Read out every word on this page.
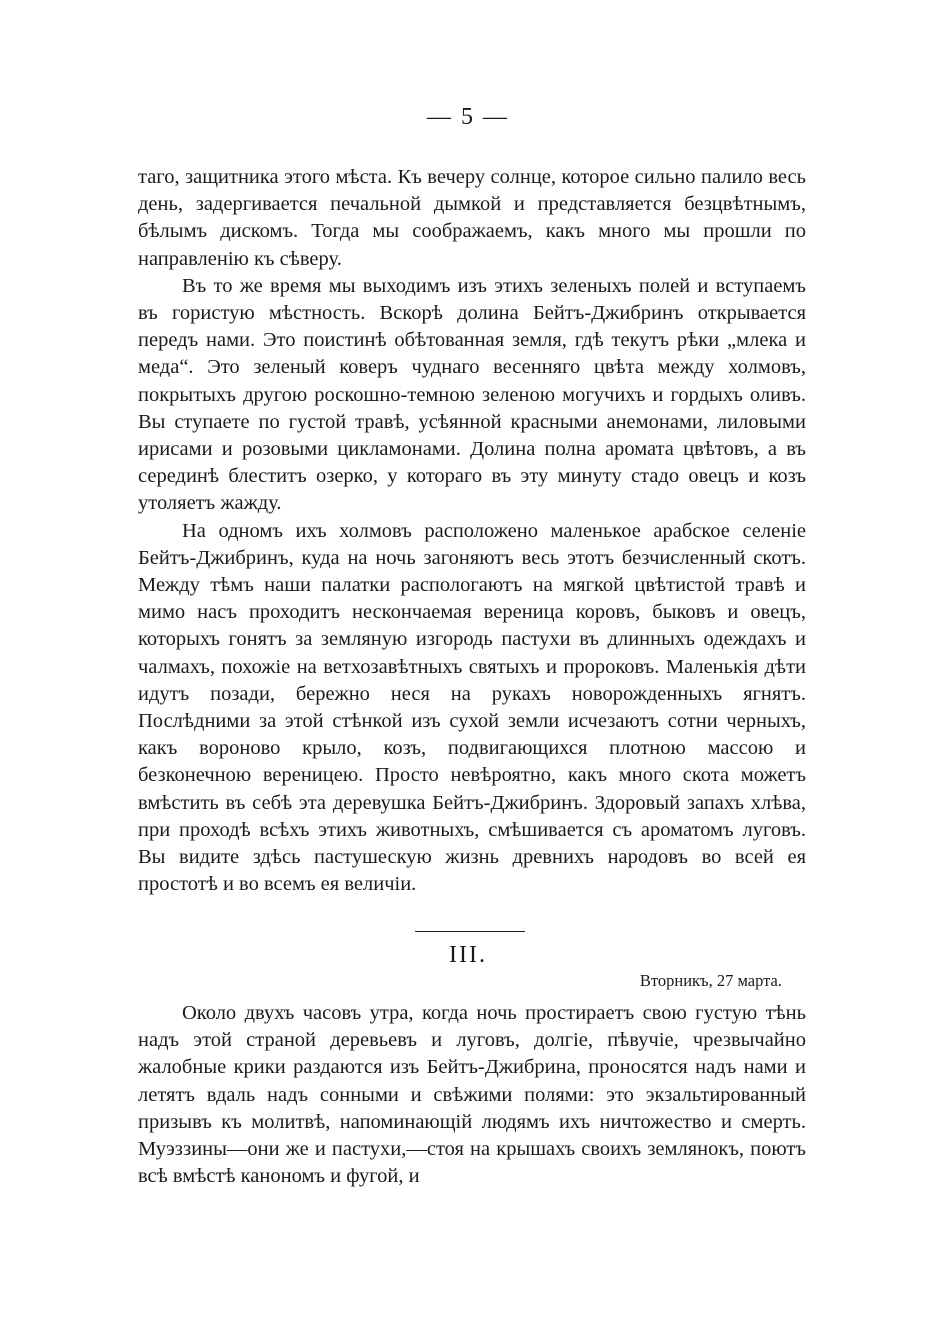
— 5 —

таго, защитника этого мѣста. Къ вечеру солнце, которое сильно палило весь день, задергивается печальной дымкой и представляется безцвѣтнымъ, бѣлымъ дискомъ. Тогда мы соображаемъ, какъ много мы прошли по направленію къ сѣверу.

Въ то же время мы выходимъ изъ этихъ зеленыхъ полей и вступаемъ въ гористую мѣстность. Вскорѣ долина Бейтъ-Джибринъ открывается передъ нами. Это поистинѣ обѣтованная земля, гдѣ текутъ рѣки „млека и меда“. Это зеленый коверъ чуднаго весенняго цвѣта между холмовъ, покрытыхъ другою роскошно-темною зеленою могучихъ и гордыхъ оливъ. Вы ступаете по густой травѣ, усѣянной красными анемонами, лиловыми ирисами и розовыми цикламонами. Долина полна аромата цвѣтовъ, а въ серединѣ блеститъ озерко, у котораго въ эту минуту стадо овецъ и козъ утоляетъ жажду.

На одномъ ихъ холмовъ расположено маленькое арабское селеніе Бейтъ-Джибринъ, куда на ночь загоняютъ весь этотъ безчисленный скотъ. Между тѣмъ наши палатки распологаютъ на мягкой цвѣтистой травѣ и мимо насъ проходитъ нескончаемая вереница коровъ, быковъ и овецъ, которыхъ гонятъ за земляную изгородь пастухи въ длинныхъ одеждахъ и чалмахъ, похожіе на ветхозавѣтныхъ святыхъ и пророковъ. Маленькія дѣти идутъ позади, бережно неся на рукахъ новорожденныхъ ягнятъ. Послѣдними за этой стѣнкой изъ сухой земли исчезаютъ сотни черныхъ, какъ вороново крыло, козъ, подвигающихся плотною массою и безконечною вереницею. Просто невѣроятно, какъ много скота можетъ вмѣстить въ себѣ эта деревушка Бейтъ-Джибринъ. Здоровый запахъ хлѣва, при проходѣ всѣхъ этихъ животныхъ, смѣшивается съ ароматомъ луговъ. Вы видите здѣсь пастушескую жизнь древнихъ народовъ во всей ея простотѣ и во всемъ ея величіи.

III.
Вторникъ, 27 марта.

Около двухъ часовъ утра, когда ночь простираетъ свою густую тѣнь надъ этой страной деревьевъ и луговъ, долгіе, пѣвучіе, чрезвычайно жалобные крики раздаются изъ Бейтъ-Джибрина, проносятся надъ нами и летятъ вдаль надъ сонными и свѣжими полями: это экзальтированный призывъ къ молитвѣ, напоминающій людямъ ихъ ничтожество и смерть. Муэззины—они же и пастухи,—стоя на крышахъ своихъ землянокъ, поютъ всѣ вмѣстѣ канономъ и фугой, и
